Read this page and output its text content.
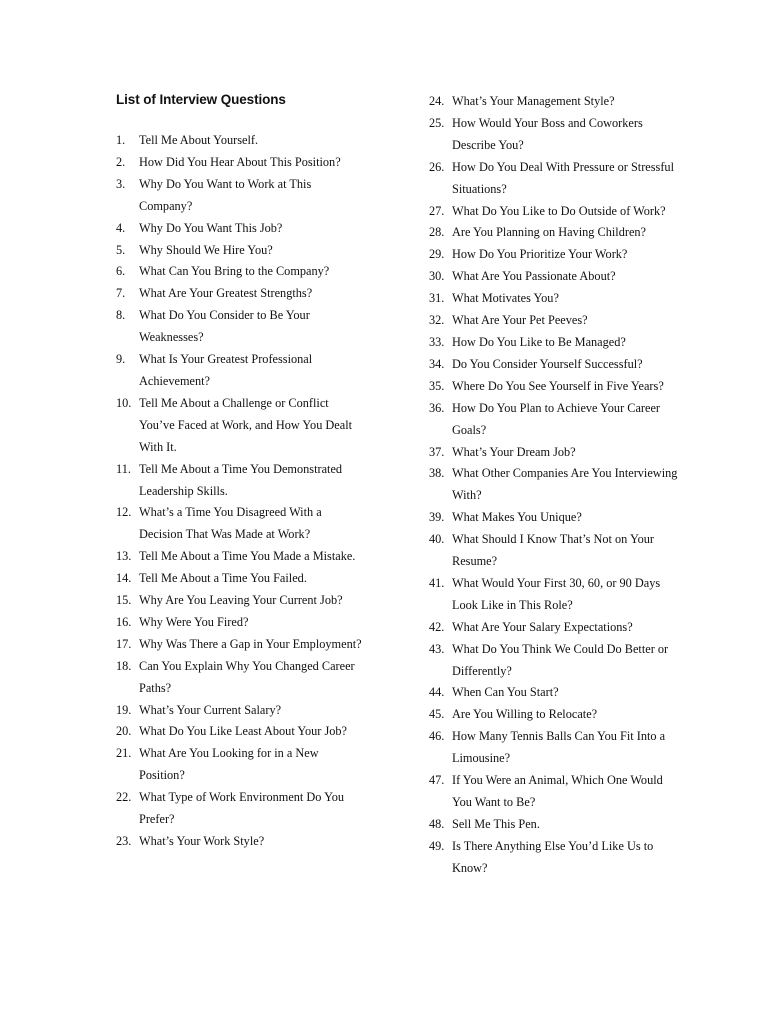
List of Interview Questions
1.	Tell Me About Yourself.
2.	How Did You Hear About This Position?
3.	Why Do You Want to Work at This Company?
4.	Why Do You Want This Job?
5.	Why Should We Hire You?
6.	What Can You Bring to the Company?
7.	What Are Your Greatest Strengths?
8.	What Do You Consider to Be Your Weaknesses?
9.	What Is Your Greatest Professional Achievement?
10. Tell Me About a Challenge or Conflict You’ve Faced at Work, and How You Dealt With It.
11. Tell Me About a Time You Demonstrated Leadership Skills.
12. What’s a Time You Disagreed With a Decision That Was Made at Work?
13. Tell Me About a Time You Made a Mistake.
14. Tell Me About a Time You Failed.
15. Why Are You Leaving Your Current Job?
16. Why Were You Fired?
17. Why Was There a Gap in Your Employment?
18. Can You Explain Why You Changed Career Paths?
19. What’s Your Current Salary?
20. What Do You Like Least About Your Job?
21. What Are You Looking for in a New Position?
22. What Type of Work Environment Do You Prefer?
23. What’s Your Work Style?
24. What’s Your Management Style?
25. How Would Your Boss and Coworkers Describe You?
26. How Do You Deal With Pressure or Stressful Situations?
27. What Do You Like to Do Outside of Work?
28. Are You Planning on Having Children?
29. How Do You Prioritize Your Work?
30. What Are You Passionate About?
31. What Motivates You?
32. What Are Your Pet Peeves?
33. How Do You Like to Be Managed?
34. Do You Consider Yourself Successful?
35. Where Do You See Yourself in Five Years?
36. How Do You Plan to Achieve Your Career Goals?
37. What’s Your Dream Job?
38. What Other Companies Are You Interviewing With?
39. What Makes You Unique?
40. What Should I Know That’s Not on Your Resume?
41. What Would Your First 30, 60, or 90 Days Look Like in This Role?
42. What Are Your Salary Expectations?
43. What Do You Think We Could Do Better or Differently?
44. When Can You Start?
45. Are You Willing to Relocate?
46. How Many Tennis Balls Can You Fit Into a Limousine?
47. If You Were an Animal, Which One Would You Want to Be?
48. Sell Me This Pen.
49. Is There Anything Else You’d Like Us to Know?
